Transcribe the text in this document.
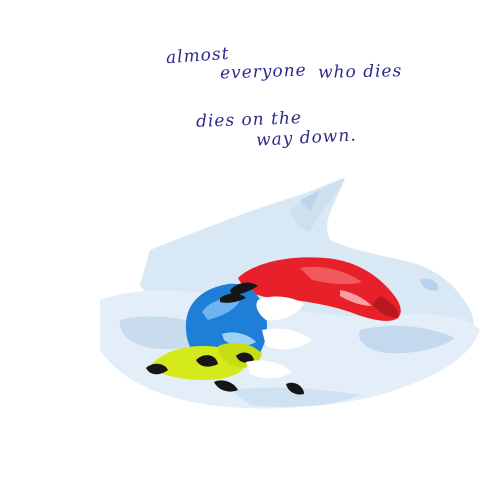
almost
everyone who dies
dies on the
way down.
